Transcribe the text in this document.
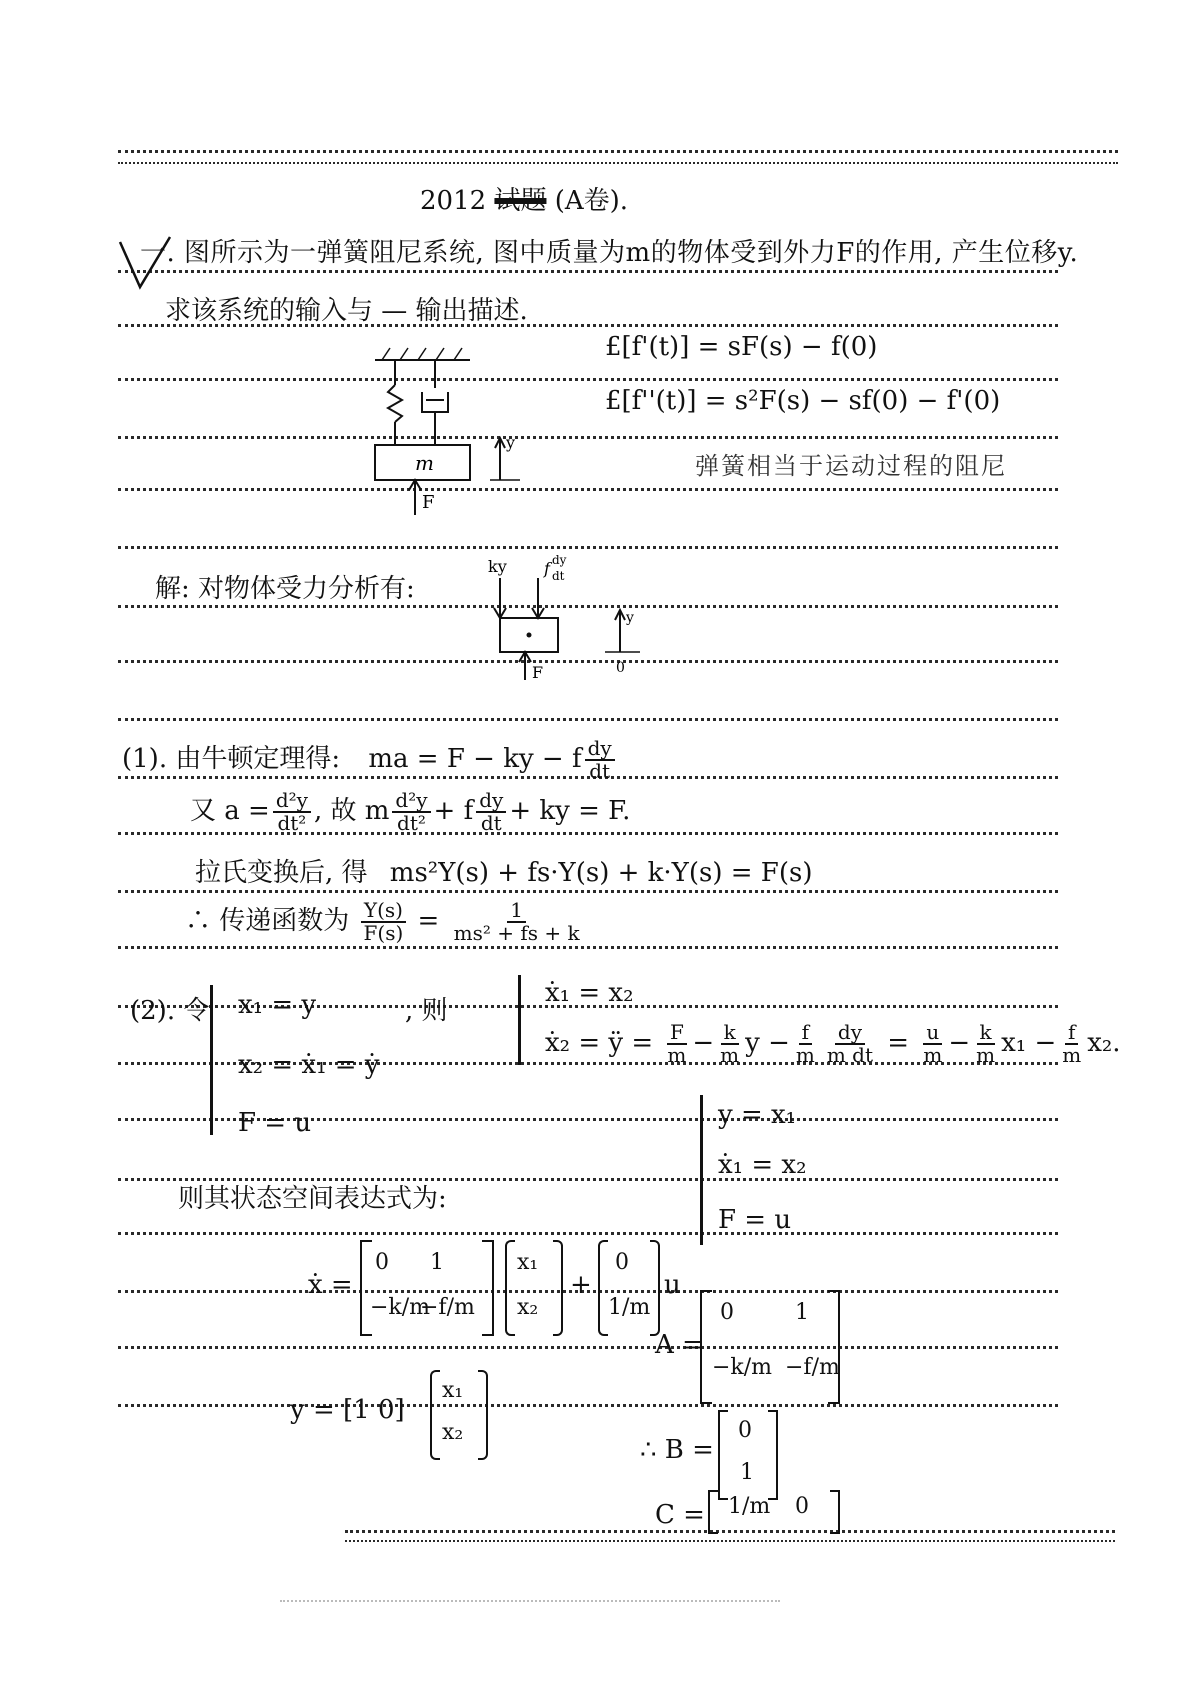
2012 试题 (A卷).
一. 图所示为一弹簧阻尼系统, 图中质量为m的物体受到外力F的作用, 产生位移y.
求该系统的输入与 — 输出描述.
m
F
y
£[f'(t)] = sF(s) − f(0)
£[f''(t)] = s²F(s) − sf(0) − f'(0)
弹簧相当于运动过程的阻尼
解: 对物体受力分析有:
ky f dy
dt
F
y
0
(1). 由牛顿定理得: ma = F − ky − f $\frac{dy}{dt}$
又 $a = \frac{\text{d²y}}{\text{dt²}}$ , 故 m $\frac{\text{d²y}}{\text{dt²}} + f \frac{dy}{dt}$ + ky = F.
拉氏变换后, 得 ms²Y(s) + fs·Y(s) + k·Y(s) = F(s)
∴ 传递函数为 $\frac{Y(s)}{F(s)} = \frac{1}{\text{ms² + fs + k}}$
(2). 令 x₁ = y
x₂ = ẋ₁ = ẏ
F = u
, 则
ẋ₁ = x₂
ẋ₂ = ÿ = $\frac{F}{m} - \frac{k}{m}$ $y - \frac{f}{m} \frac{dy}{\text{m dt}} = \frac{u}{m} - \frac{k}{m} x_1 - \frac{f}{m} x_2$.
y = x₁
ẋ₁ = x₂
F = u
则其状态空间表达式为:
ẋ =
0 1
−k/m
−f/m
x₁
x₂
+
0
1/m
u
A =
0	1
−k/m −f/m
y = [1 0]
x₁
x₂
∴ B =
0
1
C = 1/m 0
